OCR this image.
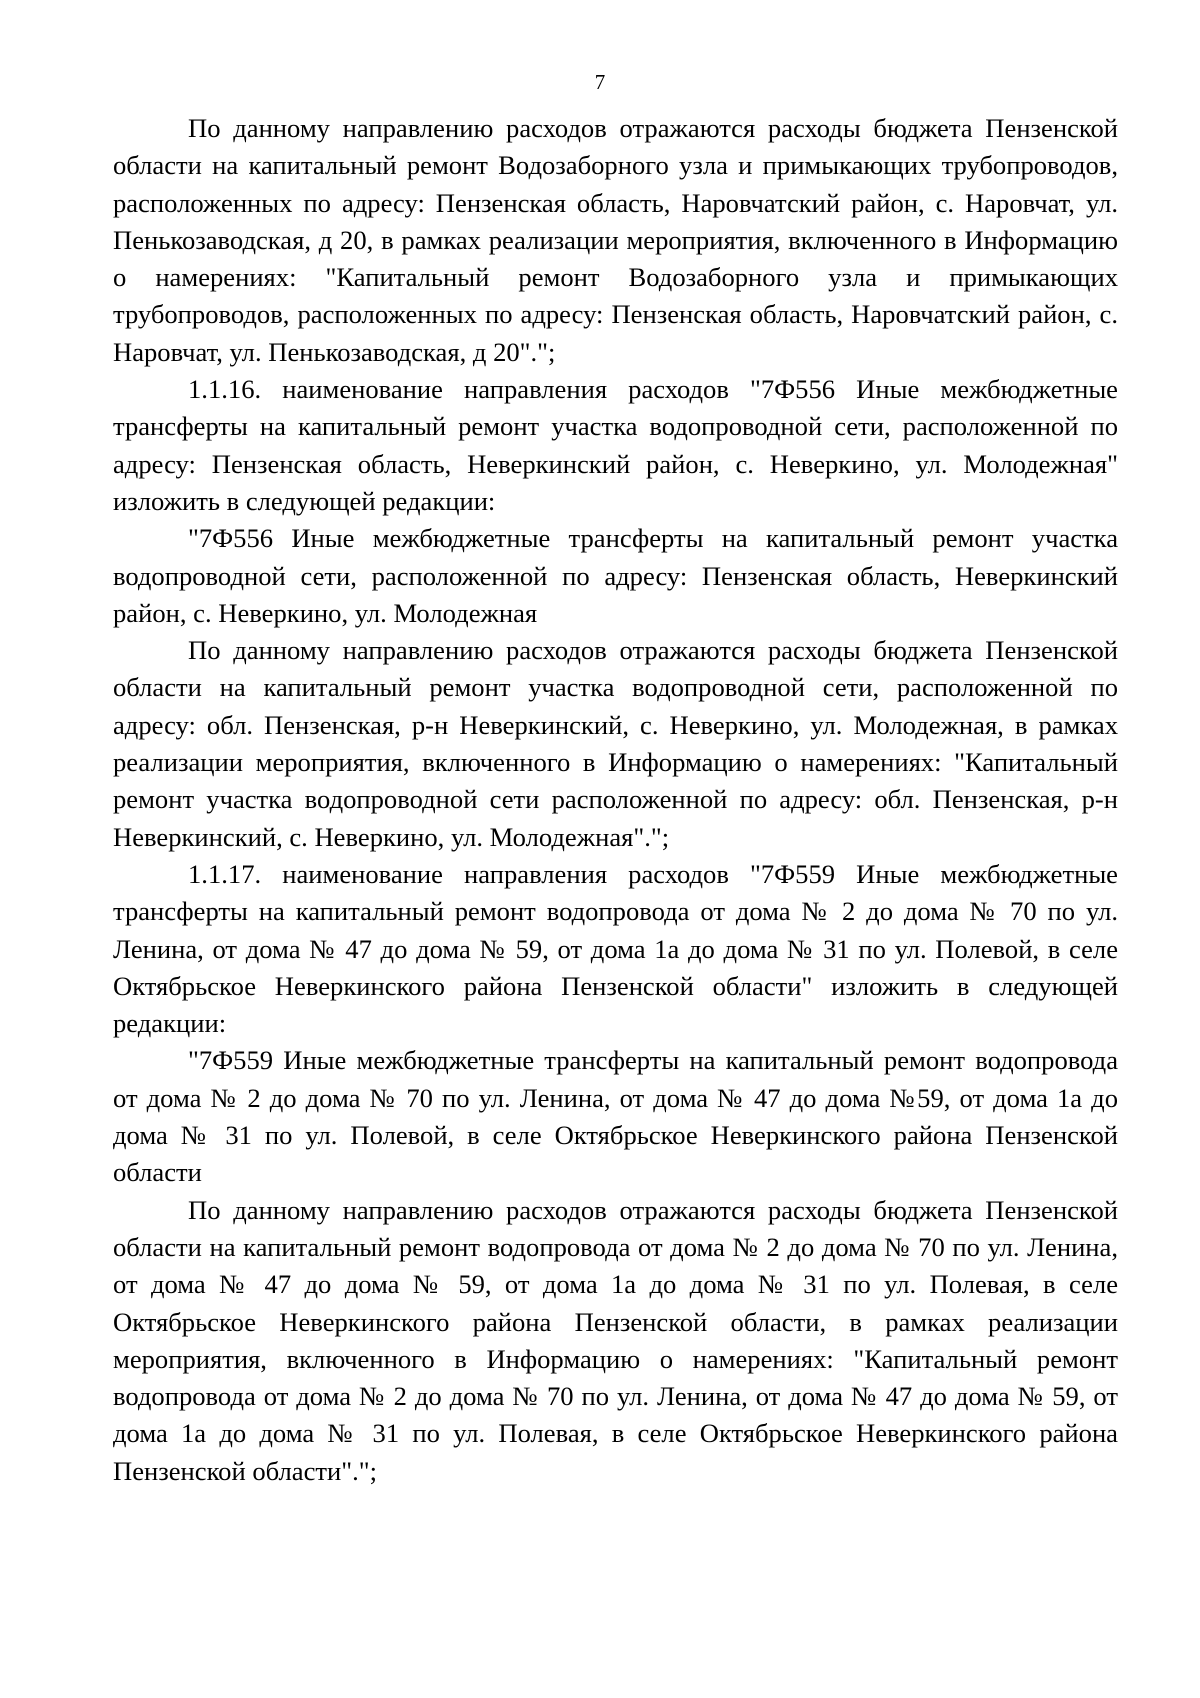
7

По данному направлению расходов отражаются расходы бюджета Пензенской области на капитальный ремонт Водозаборного узла и примыкающих трубопроводов, расположенных по адресу: Пензенская область, Наровчатский район, с. Наровчат, ул. Пенькозаводская, д 20, в рамках реализации мероприятия, включенного в Информацию о намерениях: "Капитальный ремонт Водозаборного узла и примыкающих трубопроводов, расположенных по адресу: Пензенская область, Наровчатский район, с. Наровчат, ул. Пенькозаводская, д 20".";

1.1.16. наименование направления расходов "7Ф556 Иные межбюджетные трансферты на капитальный ремонт участка водопроводной сети, расположенной по адресу: Пензенская область, Неверкинский район, с. Неверкино, ул. Молодежная" изложить в следующей редакции:

"7Ф556 Иные межбюджетные трансферты на капитальный ремонт участка водопроводной сети, расположенной по адресу: Пензенская область, Неверкинский район, с. Неверкино, ул. Молодежная

По данному направлению расходов отражаются расходы бюджета Пензенской области на капитальный ремонт участка водопроводной сети, расположенной по адресу: обл. Пензенская, р-н Неверкинский, с. Неверкино, ул. Молодежная, в рамках реализации мероприятия, включенного в Информацию о намерениях: "Капитальный ремонт участка водопроводной сети расположенной по адресу: обл. Пензенская, р-н Неверкинский, с. Неверкино, ул. Молодежная".";

1.1.17. наименование направления расходов "7Ф559 Иные межбюджетные трансферты на капитальный ремонт водопровода от дома № 2 до дома № 70 по ул. Ленина, от дома № 47 до дома № 59, от дома 1а до дома № 31 по ул. Полевой, в селе Октябрьское Неверкинского района Пензенской области" изложить в следующей редакции:

"7Ф559 Иные межбюджетные трансферты на капитальный ремонт водопровода от дома № 2 до дома № 70 по ул. Ленина, от дома № 47 до дома №59, от дома 1а до дома № 31 по ул. Полевой, в селе Октябрьское Неверкинского района Пензенской области

По данному направлению расходов отражаются расходы бюджета Пензенской области на капитальный ремонт водопровода от дома № 2 до дома № 70 по ул. Ленина, от дома № 47 до дома № 59, от дома 1а до дома № 31 по ул. Полевая, в селе Октябрьское Неверкинского района Пензенской области, в рамках реализации мероприятия, включенного в Информацию о намерениях: "Капитальный ремонт водопровода от дома № 2 до дома № 70 по ул. Ленина, от дома № 47 до дома № 59, от дома 1а до дома № 31 по ул. Полевая, в селе Октябрьское Неверкинского района Пензенской области".";
